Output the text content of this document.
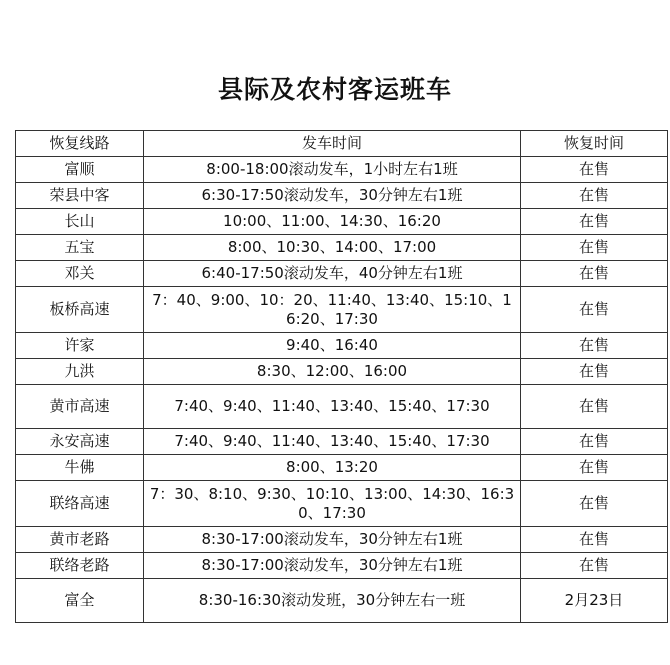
县际及农村客运班车
恢复线路	发车时间	恢复时间
富顺	8:00-18:00滚动发车，1小时左右1班	在售
荣县中客	6:30-17:50滚动发车，30分钟左右1班	在售
长山	10:00、11:00、14:30、16:20	在售
五宝	8:00、10:30、14:00、17:00	在售
邓关	6:40-17:50滚动发车，40分钟左右1班	在售
板桥高速	7：40、9:00、10：20、11:40、13:40、15:10、16:20、17:30	在售
许家	9:40、16:40	在售
九洪	8:30、12:00、16:00	在售
黄市高速	7:40、9:40、11:40、13:40、15:40、17:30	在售
永安高速	7:40、9:40、11:40、13:40、15:40、17:30	在售
牛佛	8:00、13:20	在售
联络高速	7：30、8:10、9:30、10:10、13:00、14:30、16:30、17:30	在售
黄市老路	8:30-17:00滚动发车，30分钟左右1班	在售
联络老路	8:30-17:00滚动发车，30分钟左右1班	在售
富全	8:30-16:30滚动发班，30分钟左右一班	2月23日
